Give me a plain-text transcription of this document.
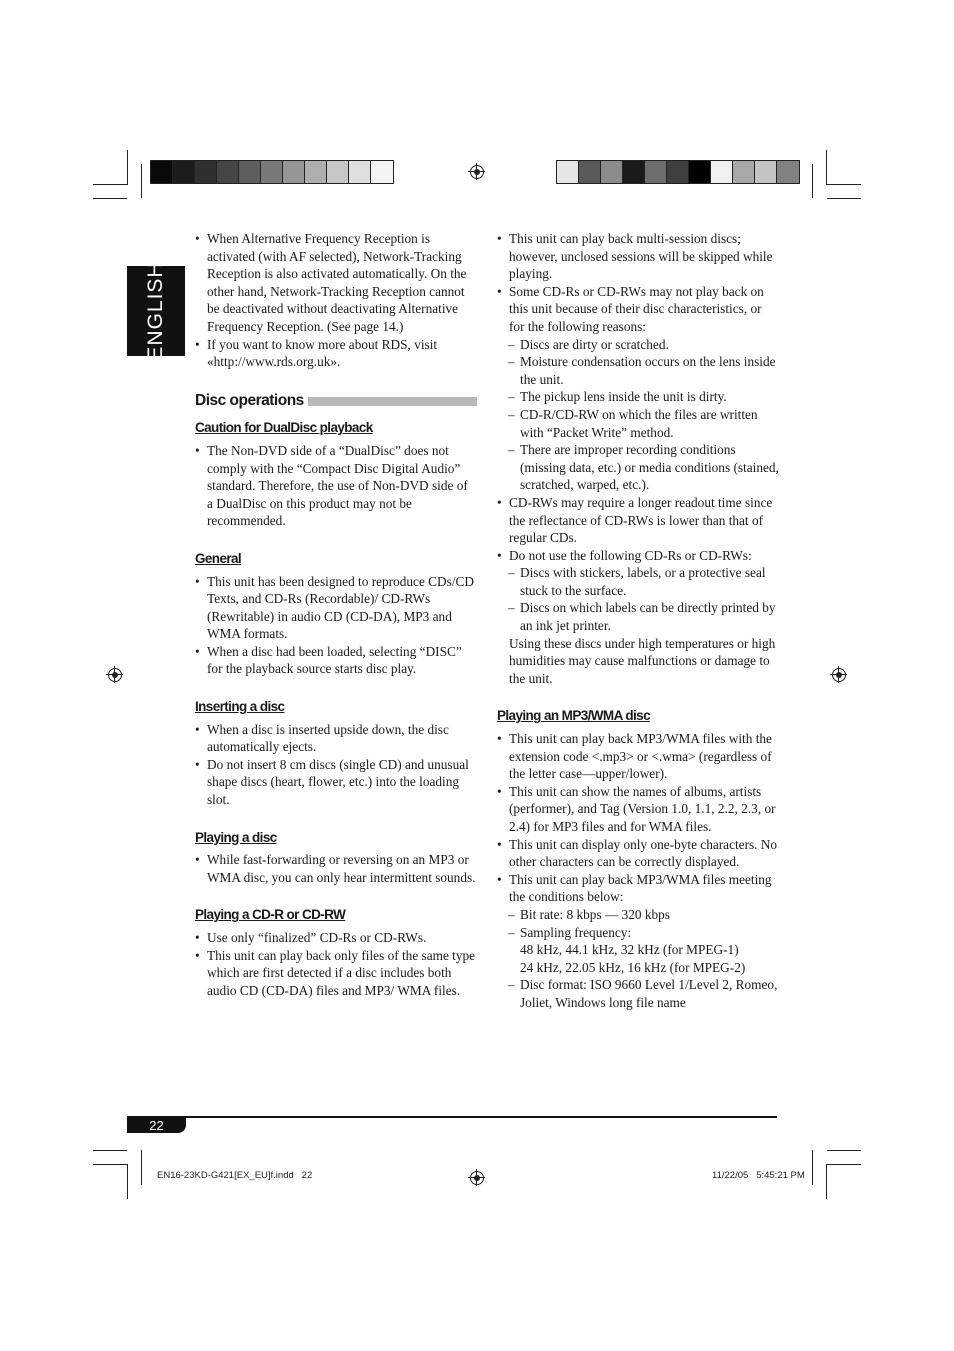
ENGLISH
• When Alternative Frequency Reception is activated (with AF selected), Network-Tracking Reception is also activated automatically. On the other hand, Network-Tracking Reception cannot be deactivated without deactivating Alternative Frequency Reception. (See page 14.)
• If you want to know more about RDS, visit «http://www.rds.org.uk».
Disc operations
Caution for DualDisc playback
• The Non-DVD side of a “DualDisc” does not comply with the “Compact Disc Digital Audio” standard. Therefore, the use of Non-DVD side of a DualDisc on this product may not be recommended.
General
• This unit has been designed to reproduce CDs/CD Texts, and CD-Rs (Recordable)/ CD-RWs (Rewritable) in audio CD (CD-DA), MP3 and WMA formats.
• When a disc had been loaded, selecting “DISC” for the playback source starts disc play.
Inserting a disc
• When a disc is inserted upside down, the disc automatically ejects.
• Do not insert 8 cm discs (single CD) and unusual shape discs (heart, flower, etc.) into the loading slot.
Playing a disc
• While fast-forwarding or reversing on an MP3 or WMA disc, you can only hear intermittent sounds.
Playing a CD-R or CD-RW
• Use only “finalized” CD-Rs or CD-RWs.
• This unit can play back only files of the same type which are first detected if a disc includes both audio CD (CD-DA) files and MP3/ WMA files.
• This unit can play back multi-session discs; however, unclosed sessions will be skipped while playing.
• Some CD-Rs or CD-RWs may not play back on this unit because of their disc characteristics, or for the following reasons:
– Discs are dirty or scratched.
– Moisture condensation occurs on the lens inside the unit.
– The pickup lens inside the unit is dirty.
– CD-R/CD-RW on which the files are written with “Packet Write” method.
– There are improper recording conditions (missing data, etc.) or media conditions (stained, scratched, warped, etc.).
• CD-RWs may require a longer readout time since the reflectance of CD-RWs is lower than that of regular CDs.
• Do not use the following CD-Rs or CD-RWs:
– Discs with stickers, labels, or a protective seal stuck to the surface.
– Discs on which labels can be directly printed by an ink jet printer.
Using these discs under high temperatures or high humidities may cause malfunctions or damage to the unit.
Playing an MP3/WMA disc
• This unit can play back MP3/WMA files with the extension code <.mp3> or <.wma> (regardless of the letter case—upper/lower).
• This unit can show the names of albums, artists (performer), and Tag (Version 1.0, 1.1, 2.2, 2.3, or 2.4) for MP3 files and for WMA files.
• This unit can display only one-byte characters. No other characters can be correctly displayed.
• This unit can play back MP3/WMA files meeting the conditions below:
– Bit rate: 8 kbps — 320 kbps
– Sampling frequency:
48 kHz, 44.1 kHz, 32 kHz (for MPEG-1)
24 kHz, 22.05 kHz, 16 kHz (for MPEG-2)
– Disc format: ISO 9660 Level 1/Level 2, Romeo, Joliet, Windows long file name
22
EN16-23KD-G421[EX_EU]f.indd   22	11/22/05   5:45:21 PM
